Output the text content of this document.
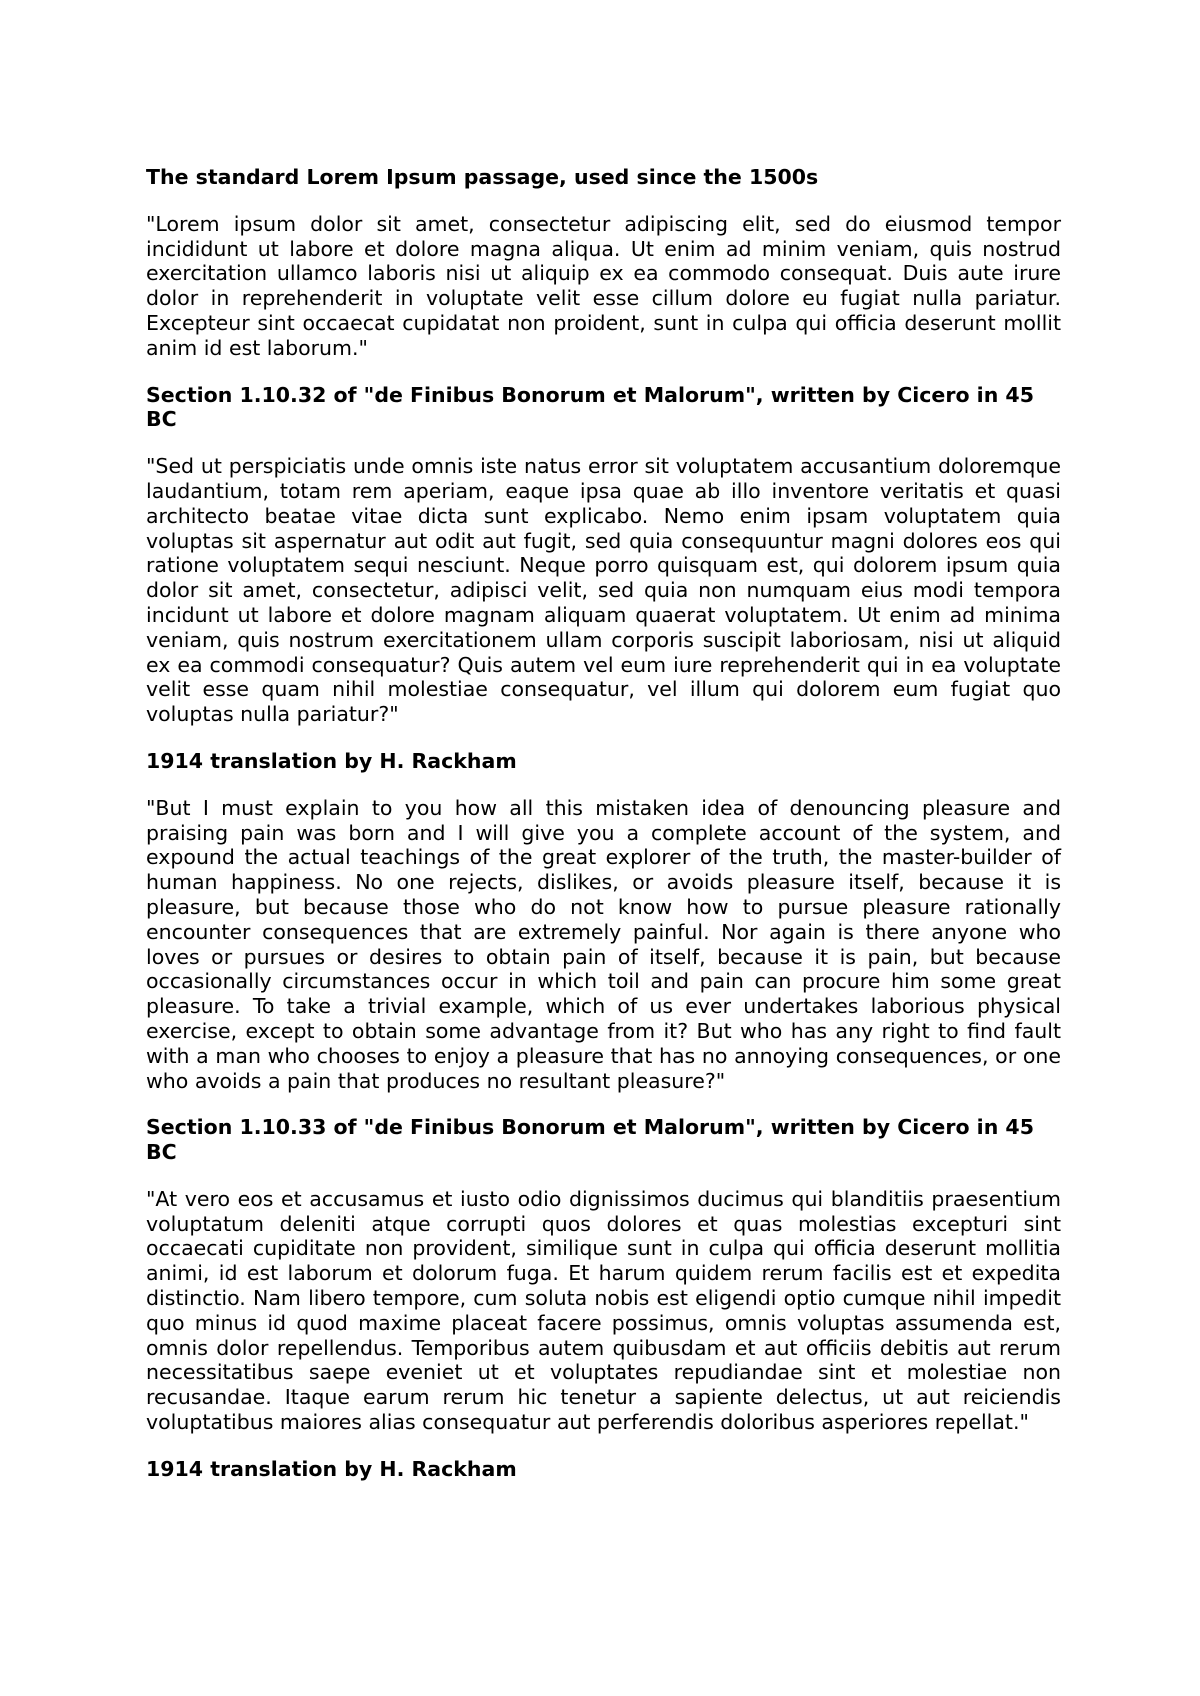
The standard Lorem Ipsum passage, used since the 1500s

"Lorem ipsum dolor sit amet, consectetur adipiscing elit, sed do eiusmod tempor incididunt ut labore et dolore magna aliqua. Ut enim ad minim veniam, quis nostrud exercitation ullamco laboris nisi ut aliquip ex ea commodo consequat. Duis aute irure dolor in reprehenderit in voluptate velit esse cillum dolore eu fugiat nulla pariatur. Excepteur sint occaecat cupidatat non proident, sunt in culpa qui officia deserunt mollit anim id est laborum."

Section 1.10.32 of "de Finibus Bonorum et Malorum", written by Cicero in 45 BC

"Sed ut perspiciatis unde omnis iste natus error sit voluptatem accusantium doloremque laudantium, totam rem aperiam, eaque ipsa quae ab illo inventore veritatis et quasi architecto beatae vitae dicta sunt explicabo. Nemo enim ipsam voluptatem quia voluptas sit aspernatur aut odit aut fugit, sed quia consequuntur magni dolores eos qui ratione voluptatem sequi nesciunt. Neque porro quisquam est, qui dolorem ipsum quia dolor sit amet, consectetur, adipisci velit, sed quia non numquam eius modi tempora incidunt ut labore et dolore magnam aliquam quaerat voluptatem. Ut enim ad minima veniam, quis nostrum exercitationem ullam corporis suscipit laboriosam, nisi ut aliquid ex ea commodi consequatur? Quis autem vel eum iure reprehenderit qui in ea voluptate velit esse quam nihil molestiae consequatur, vel illum qui dolorem eum fugiat quo voluptas nulla pariatur?"

1914 translation by H. Rackham

"But I must explain to you how all this mistaken idea of denouncing pleasure and praising pain was born and I will give you a complete account of the system, and expound the actual teachings of the great explorer of the truth, the master-builder of human happiness. No one rejects, dislikes, or avoids pleasure itself, because it is pleasure, but because those who do not know how to pursue pleasure rationally encounter consequences that are extremely painful. Nor again is there anyone who loves or pursues or desires to obtain pain of itself, because it is pain, but because occasionally circumstances occur in which toil and pain can procure him some great pleasure. To take a trivial example, which of us ever undertakes laborious physical exercise, except to obtain some advantage from it? But who has any right to find fault with a man who chooses to enjoy a pleasure that has no annoying consequences, or one who avoids a pain that produces no resultant pleasure?"

Section 1.10.33 of "de Finibus Bonorum et Malorum", written by Cicero in 45 BC

"At vero eos et accusamus et iusto odio dignissimos ducimus qui blanditiis praesentium voluptatum deleniti atque corrupti quos dolores et quas molestias excepturi sint occaecati cupiditate non provident, similique sunt in culpa qui officia deserunt mollitia animi, id est laborum et dolorum fuga. Et harum quidem rerum facilis est et expedita distinctio. Nam libero tempore, cum soluta nobis est eligendi optio cumque nihil impedit quo minus id quod maxime placeat facere possimus, omnis voluptas assumenda est, omnis dolor repellendus. Temporibus autem quibusdam et aut officiis debitis aut rerum necessitatibus saepe eveniet ut et voluptates repudiandae sint et molestiae non recusandae. Itaque earum rerum hic tenetur a sapiente delectus, ut aut reiciendis voluptatibus maiores alias consequatur aut perferendis doloribus asperiores repellat."

1914 translation by H. Rackham
